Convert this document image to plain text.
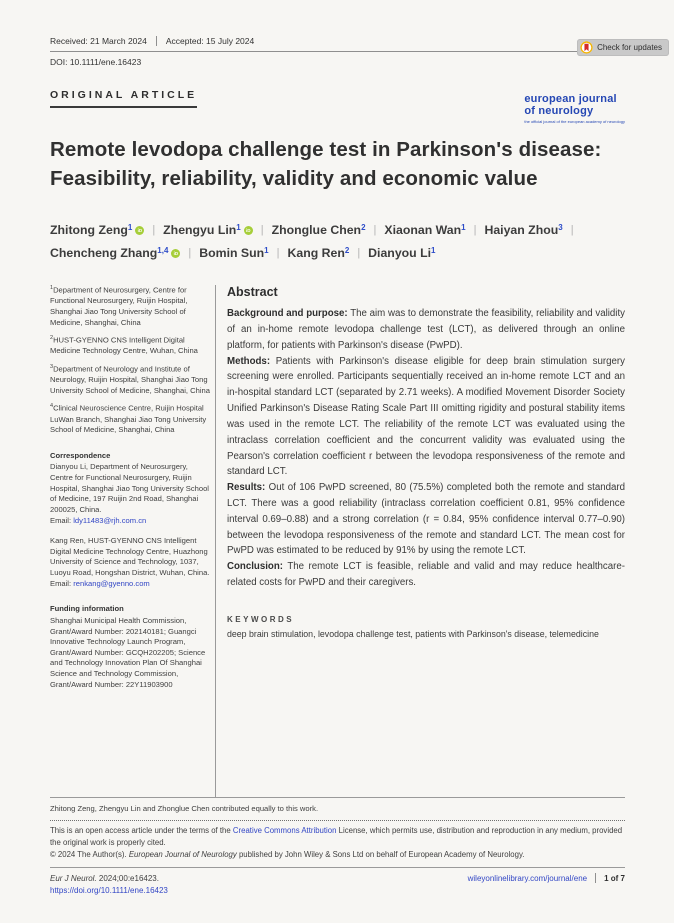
Check for updates
Received: 21 March 2024 Accepted: 15 July 2024
DOI: 10.1111/ene.16423
european journal
of neurology
the official journal of the european academy of neurology
ORIGINAL ARTICLE
Remote levodopa challenge test in Parkinson's disease:
Feasibility, reliability, validity and economic value
Zhitong Zeng 1	iD | Zhengyu Lin 1	iD | Zhonglue Chen 2 | Xiaonan Wan 1 | Haiyan Zhou 3 |
Chencheng Zhang 1,4	iD | Bomin Sun 1 | Kang Ren 2 | Dianyou Li 1
$^1$Department of Neurosurgery, Centre for Functional Neurosurgery, Ruijin Hospital, Shanghai Jiao Tong University School of Medicine, Shanghai, China
$^2$HUST-GYENNO CNS Intelligent Digital Medicine Technology Centre, Wuhan, China
$^3$Department of Neurology and Institute of Neurology, Ruijin Hospital, Shanghai Jiao Tong University School of Medicine, Shanghai, China
$^4$Clinical Neuroscience Centre, Ruijin Hospital LuWan Branch, Shanghai Jiao Tong University School of Medicine, Shanghai, China
Correspondence
Dianyou Li, Department of Neurosurgery, Centre for Functional Neurosurgery, Ruijin Hospital, Shanghai Jiao Tong University School of Medicine, 197 Ruijin 2nd Road, Shanghai 200025, China.
Email: ldy11483@rjh.com.cn
Kang Ren, HUST-GYENNO CNS Intelligent Digital Medicine Technology Centre, Huazhong University of Science and Technology, 1037, Luoyu Road, Hongshan District, Wuhan, China.
Email: renkang@gyenno.com
Funding information
Shanghai Municipal Health Commission, Grant/Award Number: 202140181; Guangci Innovative Technology Launch Program, Grant/Award Number: GCQH202205; Science and Technology Innovation Plan Of Shanghai Science and Technology Commission, Grant/Award Number: 22Y11903900
Abstract

Background and purpose: The aim was to demonstrate the feasibility, reliability and validity of an in-home remote levodopa challenge test (LCT), as delivered through an online platform, for patients with Parkinson's disease (PwPD).

Methods: Patients with Parkinson's disease eligible for deep brain stimulation surgery screening were enrolled. Participants sequentially received an in-home remote LCT and an in-hospital standard LCT (separated by 2.71 weeks). A modified Movement Disorder Society Unified Parkinson's Disease Rating Scale Part III omitting rigidity and postural stability items was used in the remote LCT. The reliability of the remote LCT was evaluated using the intraclass correlation coefficient and the concurrent validity was evaluated using the Pearson's correlation coefficient r between the levodopa responsiveness of the remote and standard LCT.

Results: Out of 106 PwPD screened, 80 (75.5%) completed both the remote and standard LCT. There was a good reliability (intraclass correlation coefficient 0.81, 95% confidence interval 0.69–0.88) and a strong correlation (r = 0.84, 95% confidence interval 0.77–0.90) between the levodopa responsiveness of the remote and standard LCT. The mean cost for PwPD was estimated to be reduced by 91% by using the remote LCT.

Conclusion: The remote LCT is feasible, reliable and valid and may reduce healthcare-related costs for PwPD and their caregivers.

KEYWORDS
deep brain stimulation, levodopa challenge test, patients with Parkinson's disease, telemedicine
Zhitong Zeng, Zhengyu Lin and Zhonglue Chen contributed equally to this work.
This is an open access article under the terms of the Creative Commons Attribution License, which permits use, distribution and reproduction in any medium, provided the original work is properly cited.
© 2024 The Author(s). European Journal of Neurology published by John Wiley & Sons Ltd on behalf of European Academy of Neurology.
Eur J Neurol. 2024;00:e16423.
https://doi.org/10.1111/ene.16423
wileyonlinelibrary.com/journal/ene 1 of 7
